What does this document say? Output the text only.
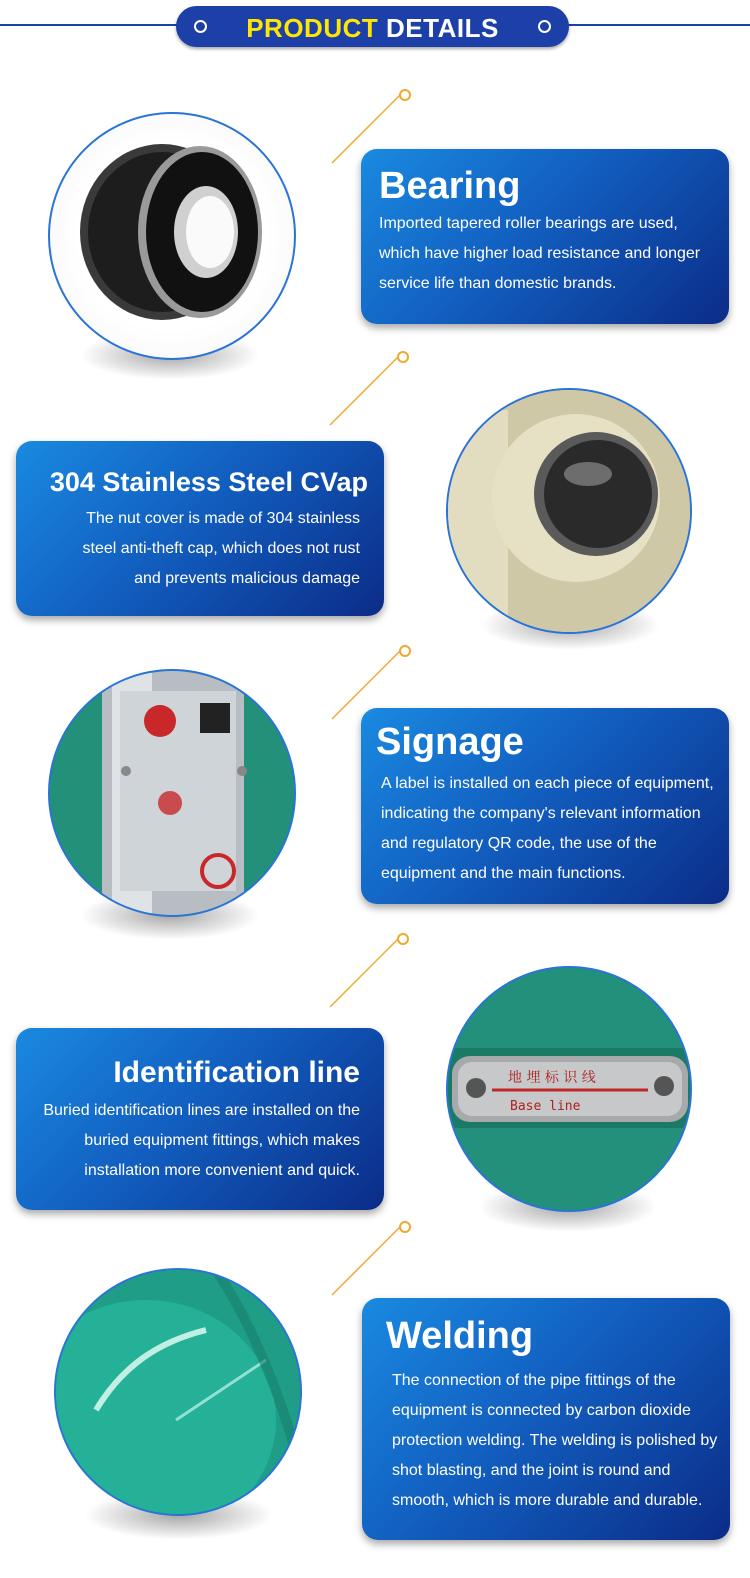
PRODUCT DETAILS
Bearing

Imported tapered roller bearings are used, which have higher load resistance and longer service life than domestic brands.

304 Stainless Steel CVap

The nut cover is made of 304 stainless steel anti-theft cap, which does not rust and prevents malicious damage

Signage

A label is installed on each piece of equipment, indicating the company's relevant information and regulatory QR code, the use of the equipment and the main functions.

Identification line

Buried identification lines are installed on the buried equipment fittings, which makes installation more convenient and quick.

地 埋 标 识 线
Base line
Welding

The connection of the pipe fittings of the equipment is connected by carbon dioxide protection welding. The welding is polished by shot blasting, and the joint is round and smooth, which is more durable and durable.
